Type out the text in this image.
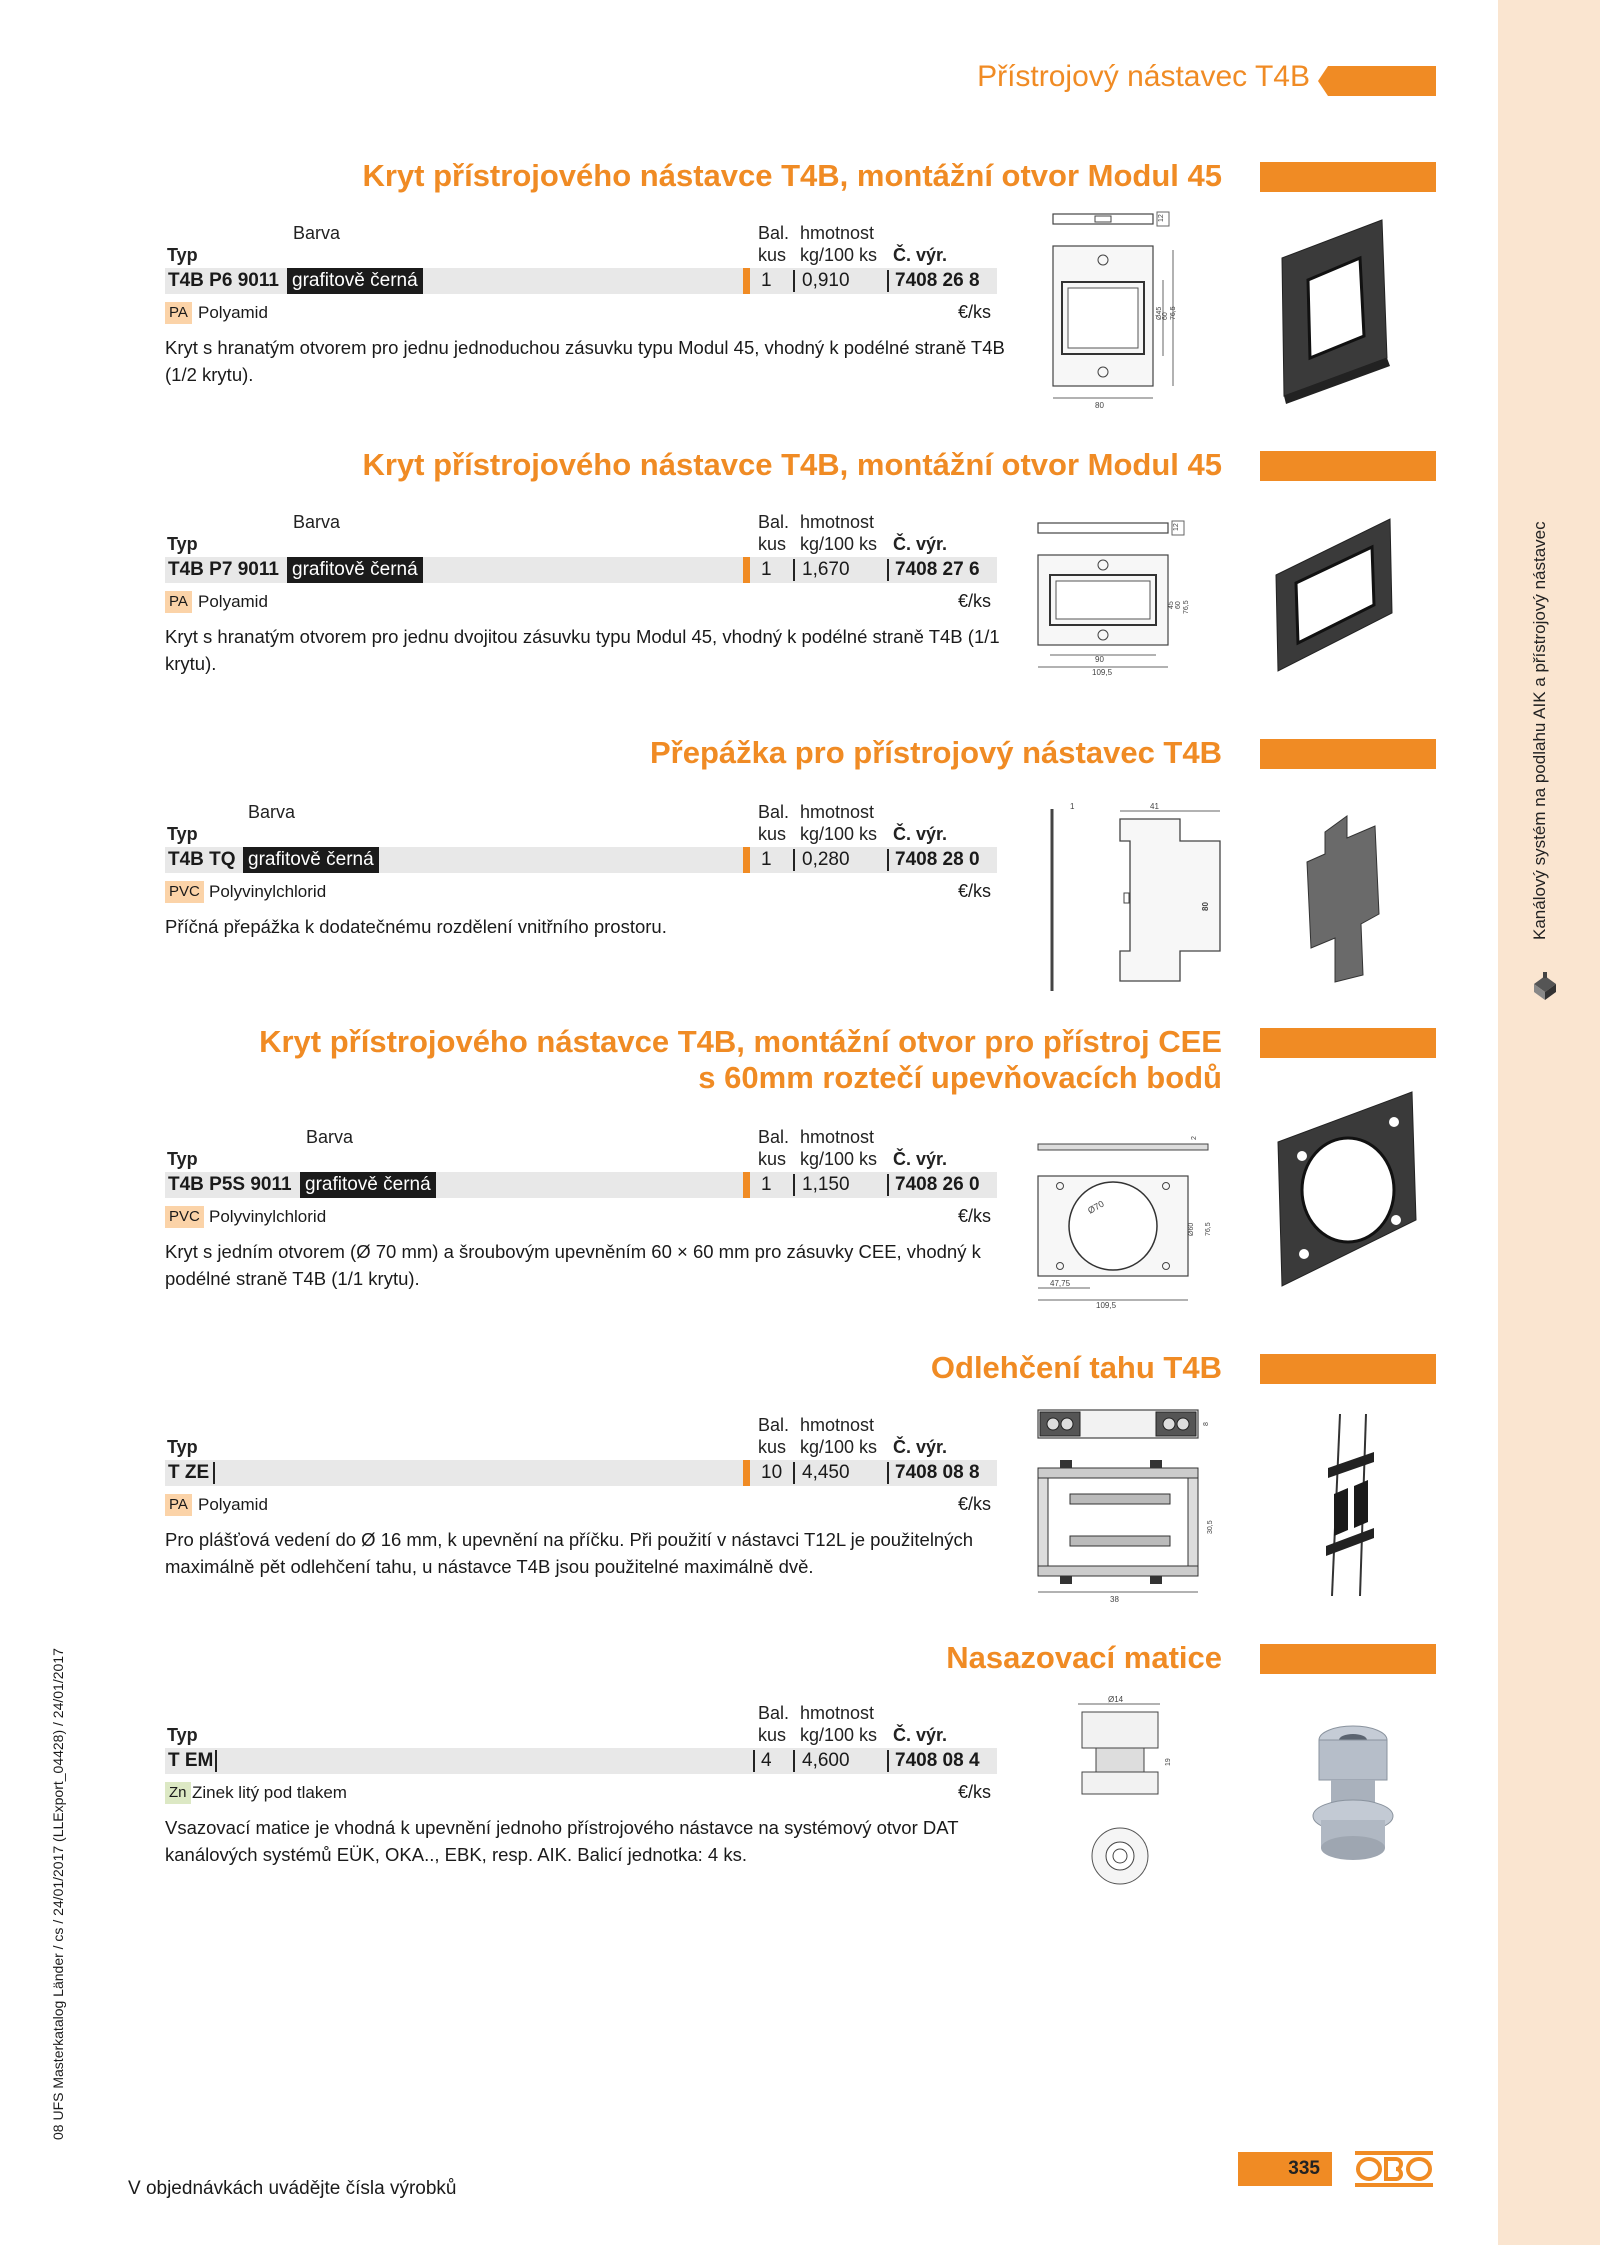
Kanálový systém na podlahu AIK a přístrojový nástavec
Přístrojový nástavec T4B
Kryt přístrojového nástavce T4B, montážní otvor Modul 45
Barva	Bal. hmotnost
Typ	kus kg/100 ks Č. výr.
T4B P6 9011 grafitově černá	1 0,910 7408 26 8
PA Polyamid	€/ks
Kryt s hranatým otvorem pro jednu jednoduchou zásuvku typu Modul 45, vhodný k podélné straně T4B (1/2 krytu).
12
Ø45 60 76,5
80
Kryt přístrojového nástavce T4B, montážní otvor Modul 45
Barva	Bal. hmotnost
Typ	kus kg/100 ks Č. výr.
T4B P7 9011 grafitově černá	1 1,670 7408 27 6
PA Polyamid	€/ks
Kryt s hranatým otvorem pro jednu dvojitou zásuvku typu Modul 45, vhodný k podélné straně T4B (1/1 krytu).
12
45 60 76,5
90
109,5
Přepážka pro přístrojový nástavec T4B
Barva	Bal. hmotnost
Typ	kus kg/100 ks Č. výr.
T4B TQ grafitově černá	1 0,280 7408 28 0
PVC Polyvinylchlorid	€/ks
Příčná přepážka k dodatečnému rozdělení vnitřního prostoru.
1	41
80
Kryt přístrojového nástavce T4B, montážní otvor pro přístroj CEE
s 60mm roztečí upevňovacích bodů
Barva	Bal. hmotnost
Typ	kus kg/100 ks Č. výr.
T4B P5S 9011 grafitově černá	1 1,150 7408 26 0
PVC Polyvinylchlorid	€/ks
Kryt s jedním otvorem (Ø 70 mm) a šroubovým upevněním 60 × 60 mm pro zásuvky CEE, vhodný k podélné straně T4B (1/1 krytu).
2
Ø70
Ø60 76,5
47,75
109,5
Odlehčení tahu T4B
Bal. hmotnost
Typ	kus kg/100 ks Č. výr.
T ZE	10 4,450 7408 08 8
PA Polyamid	€/ks
Pro plášťová vedení do Ø 16 mm, k upevnění na příčku. Při použití v nástavci T12L je použitelných maximálně pět odlehčení tahu, u nástavce T4B jsou použitelné maximálně dvě.
8
30,5
38
Nasazovací matice
Bal. hmotnost
Typ	kus kg/100 ks Č. výr.
T EM	4 4,600 7408 08 4
Zn Zinek litý pod tlakem	€/ks
Vsazovací matice je vhodná k upevnění jednoho přístrojového nástavce na systémový otvor DAT kanálových systémů EÜK, OKA.., EBK, resp. AIK. Balicí jednotka: 4 ks.
Ø14
19
08 UFS Masterkatalog Länder / cs / 24/01/2017 (LLExport_04428) / 24/01/2017
V objednávkách uvádějte čísla výrobků
335
